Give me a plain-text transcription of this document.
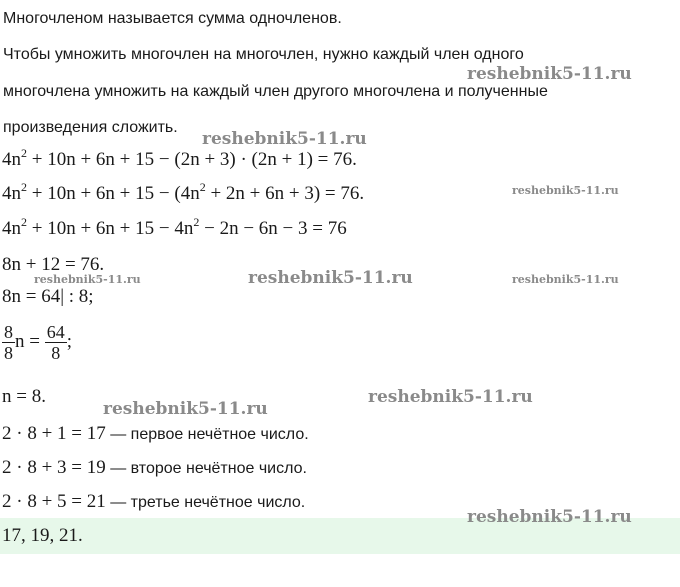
Многочленом называется сумма одночленов.
Чтобы умножить многочлен на многочлен, нужно каждый член одного
многочлена умножить на каждый член другого многочлена и полученные
произведения сложить.
$4n^2 + 10n + 6n + 15 - (2n + 3) \cdot (2n + 1) = 76$.
$4n^2 + 10n + 6n + 15 - (4n^2 + 2n + 6n + 3) = 76$.
$4n^2 + 10n + 6n + 15 - 4n^2 - 2n - 6n - 3 = 76$
8n + 12 = 76.
8n = 64| : 8;
$\frac{8}{8}$ $n = \frac{64}{8}$ ;
n = 8.
2 · 8 + 1 = 17 — первое нечётное число.
2 · 8 + 3 = 19 — второе нечётное число.
2 · 8 + 5 = 21 — третье нечётное число.
17, 19, 21.
reshebnik5-11.ru
reshebnik5-11.ru
reshebnik5-11.ru
reshebnik5-11.ru
reshebnik5-11.ru	reshebnik5-11.ru
reshebnik5-11.ru
reshebnik5-11.ru
reshebnik5-11.ru
